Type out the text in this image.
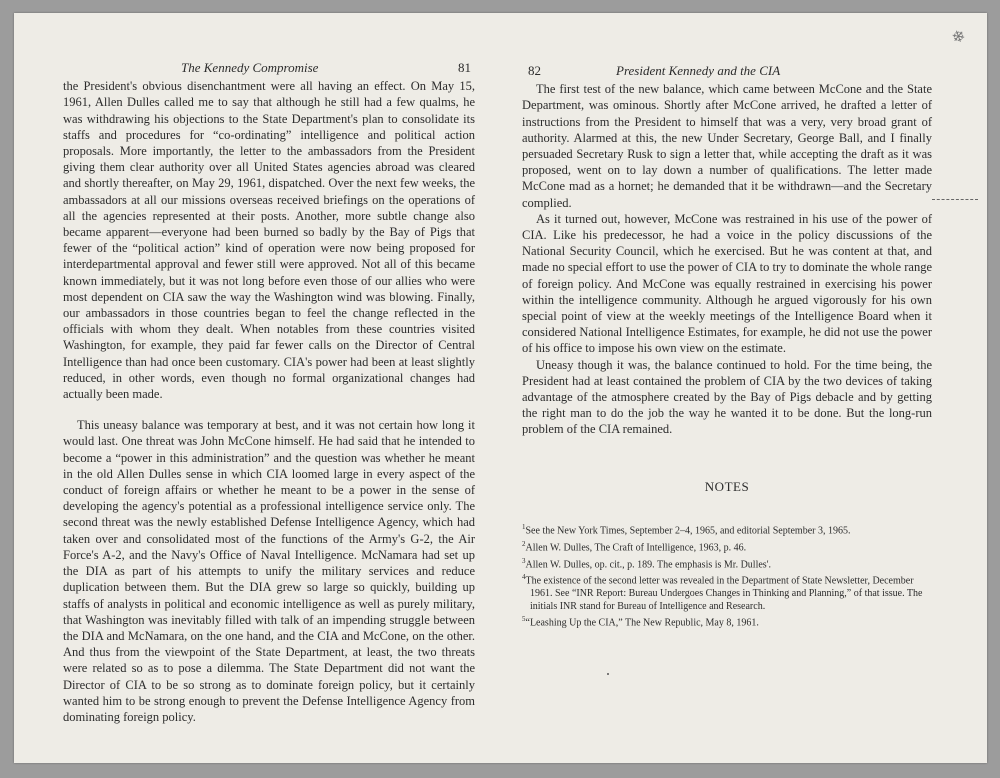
❄
The Kennedy Compromise	81

the President's obvious disenchantment were all having an effect. On May 15, 1961, Allen Dulles called me to say that although he still had a few qualms, he was withdrawing his objections to the State Department's plan to consolidate its staffs and procedures for “co-ordinating” intelligence and political action proposals. More importantly, the letter to the ambassadors from the President giving them clear authority over all United States agencies abroad was cleared and shortly thereafter, on May 29, 1961, dispatched. Over the next few weeks, the ambassadors at all our missions overseas received briefings on the operations of all the agencies represented at their posts. Another, more subtle change also became apparent—everyone had been burned so badly by the Bay of Pigs that fewer of the “political action” kind of operation were now being proposed for interdepartmental approval and fewer still were approved. Not all of this became known immediately, but it was not long before even those of our allies who were most dependent on CIA saw the way the Washington wind was blowing. Finally, our ambassadors in those countries began to feel the change reflected in the officials with whom they dealt. When notables from these countries visited Washington, for example, they paid far fewer calls on the Director of Central Intelligence than had once been customary. CIA's power had been at least slightly reduced, in other words, even though no formal organizational changes had actually been made.

This uneasy balance was temporary at best, and it was not certain how long it would last. One threat was John McCone himself. He had said that he intended to become a “power in this administration” and the question was whether he meant in the old Allen Dulles sense in which CIA loomed large in every aspect of the conduct of foreign affairs or whether he meant to be a power in the sense of developing the agency's potential as a professional intelligence service only. The second threat was the newly established Defense Intelligence Agency, which had taken over and consolidated most of the functions of the Army's G-2, the Air Force's A-2, and the Navy's Office of Naval Intelligence. McNamara had set up the DIA as part of his attempts to unify the military services and reduce duplication between them. But the DIA grew so large so quickly, building up staffs of analysts in political and economic intelligence as well as purely military, that Washington was inevitably filled with talk of an impending struggle between the DIA and McNamara, on the one hand, and the CIA and McCone, on the other. And thus from the viewpoint of the State Department, at least, the two threats were related so as to pose a dilemma. The State Department did not want the Director of CIA to be so strong as to dominate foreign policy, but it certainly wanted him to be strong enough to prevent the Defense Intelligence Agency from dominating foreign policy.

82	President Kennedy and the CIA

The first test of the new balance, which came between McCone and the State Department, was ominous. Shortly after McCone arrived, he drafted a letter of instructions from the President to himself that was a very, very broad grant of authority. Alarmed at this, the new Under Secretary, George Ball, and I finally persuaded Secretary Rusk to sign a letter that, while accepting the draft as it was proposed, went on to lay down a number of qualifications. The letter made McCone mad as a hornet; he demanded that it be withdrawn—and the Secretary complied.

As it turned out, however, McCone was restrained in his use of the power of CIA. Like his predecessor, he had a voice in the policy discussions of the National Security Council, which he exercised. But he was content at that, and made no special effort to use the power of CIA to try to dominate the whole range of foreign policy. And McCone was equally restrained in exercising his power within the intelligence community. Although he argued vigorously for his own special point of view at the weekly meetings of the Intelligence Board when it considered National Intelligence Estimates, for example, he did not use the power of his office to impose his own view on the estimate.

Uneasy though it was, the balance continued to hold. For the time being, the President had at least contained the problem of CIA by the two devices of taking advantage of the atmosphere created by the Bay of Pigs debacle and by getting the right man to do the job the way he wanted it to be done. But the long-run problem of the CIA remained.

NOTES
$^1$See the New York Times, September 2–4, 1965, and editorial September 3, 1965.
$^2$Allen W. Dulles, The Craft of Intelligence, 1963, p. 46.
$^3$Allen W. Dulles, op. cit., p. 189. The emphasis is Mr. Dulles'.
$^4$The existence of the second letter was revealed in the Department of State Newsletter, December 1961. See “INR Report: Bureau Undergoes Changes in Thinking and Planning,” of that issue. The initials INR stand for Bureau of Intelligence and Research.
$^5$“Leashing Up the CIA,” The New Republic, May 8, 1961.
